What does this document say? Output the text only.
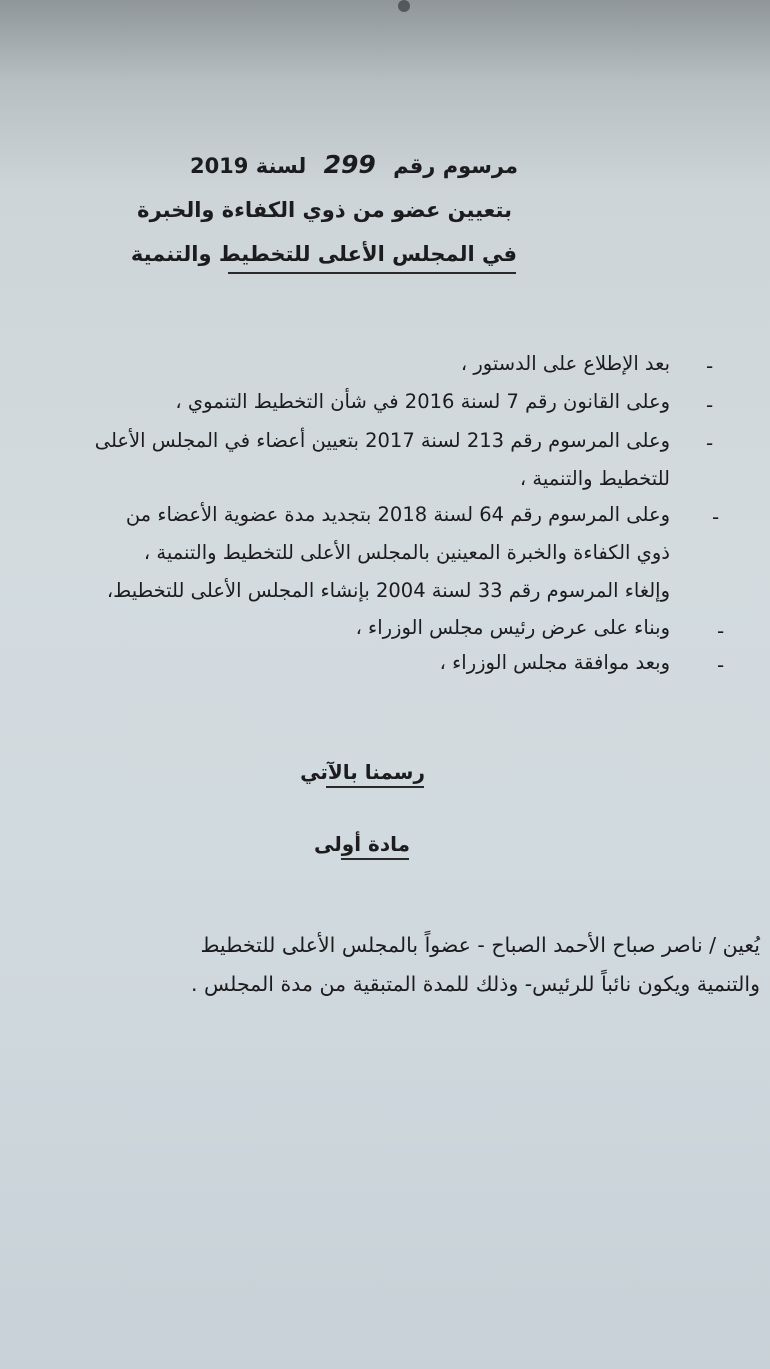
مرسوم رقم 299 لسنة 2019
بتعيين عضو من ذوي الكفاءة والخبرة
في المجلس الأعلى للتخطيط والتنمية
-
-
-
-
-
-
بعد الإطلاع على الدستور ،
وعلى القانون رقم 7 لسنة 2016 في شأن التخطيط التنموي ،
وعلى المرسوم رقم 213 لسنة 2017 بتعيين أعضاء في المجلس الأعلى
للتخطيط والتنمية ،
وعلى المرسوم رقم 64 لسنة 2018 بتجديد مدة عضوية الأعضاء من
ذوي الكفاءة والخبرة المعينين بالمجلس الأعلى للتخطيط والتنمية ،
وإلغاء المرسوم رقم 33 لسنة 2004 بإنشاء المجلس الأعلى للتخطيط،
وبناء على عرض رئيس مجلس الوزراء ،
وبعد موافقة مجلس الوزراء ،
رسمنا بالآتي
مادة أولى
يُعين / ناصر صباح الأحمد الصباح - عضواً بالمجلس الأعلى للتخطيط
والتنمية ويكون نائباً للرئيس- وذلك للمدة المتبقية من مدة المجلس .
